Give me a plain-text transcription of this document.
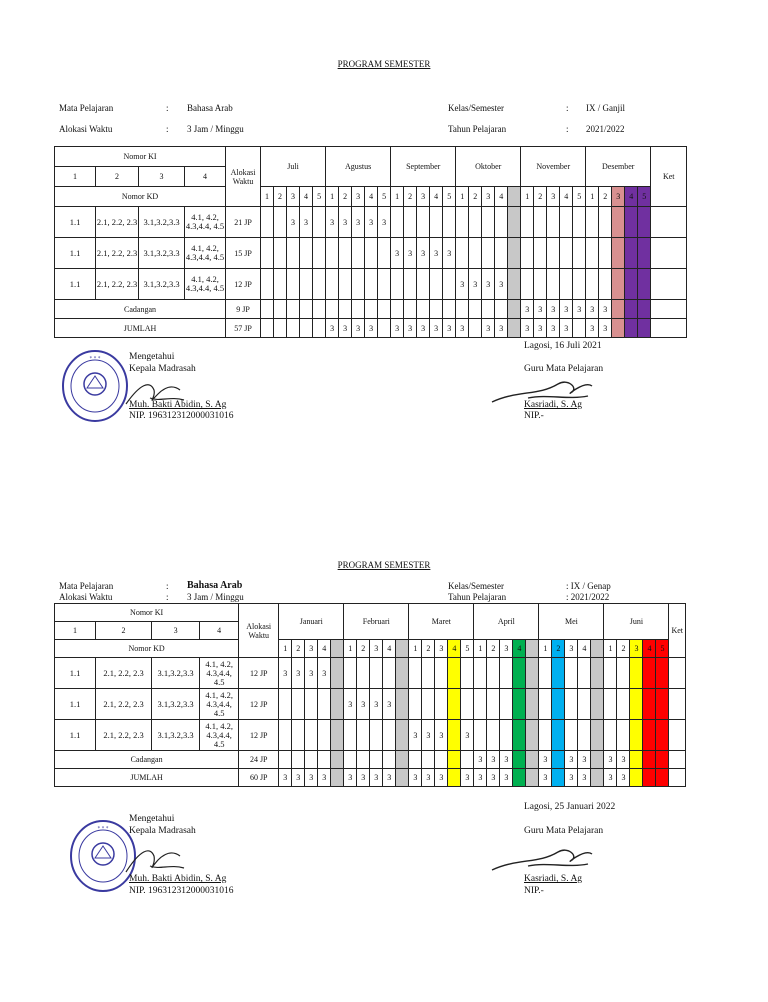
PROGRAM SEMESTER
Mata Pelajaran	: Bahasa Arab
Alokasi Waktu	: 3 Jam / Minggu
Kelas/Semester	: IX / Ganjil
Tahun Pelajaran	: 2021/2022
Nomor KI				Alokasi Waktu	Juli					Agustus					September					Oktober					November					Desember					Ket
1	2	3	4																																
Nomor KD					1	2	3	4	5	1	2	3	4	5	1	2	3	4	5	1	2	3	4		1	2	3	4	5	1	2	3	4	5	
1.1	2.1, 2.2, 2.3	3.1,3.2,3.3	4.1, 4.2, 4.3,4.4, 4.5	21 JP			3	3		3	3	3	3	3																					
1.1	2.1, 2.2, 2.3	3.1,3.2,3.3	4.1, 4.2, 4.3,4.4, 4.5	15 JP											3	3	3	3	3																
1.1	2.1, 2.2, 2.3	3.1,3.2,3.3	4.1, 4.2, 4.3,4.4, 4.5	12 JP																3	3	3	3												
Cadangan				9 JP																					3	3	3	3	3	3	3				
JUMLAH				57 JP						3	3	3	3		3	3	3	3	3	3		3	3		3	3	3	3		3	3				
* * *	Mengetahui
Kepala Madrasah
Muh. Bakti Abidin, S. Ag
NIP. 196312312000031016
Lagosi, 16 Juli 2021
Guru Mata Pelajaran
Kasriadi, S. Ag
NIP.-
PROGRAM SEMESTER
Mata Pelajaran	: Bahasa Arab
Alokasi Waktu	: 3 Jam / Minggu
Kelas/Semester	: IX / Genap
Tahun Pelajaran	: 2021/2022
Nomor KI				Alokasi Waktu	Januari					Februari					Maret					April					Mei					Juni					Ket
1	2	3	4																																
Nomor KD					1	2	3	4		1	2	3	4		1	2	3	4	5	1	2	3	4		1	2	3	4		1	2	3	4	5	
1.1	2.1, 2.2, 2.3	3.1,3.2,3.3	4.1, 4.2, 4.3,4.4, 4.5	12 JP	3	3	3	3																											
1.1	2.1, 2.2, 2.3	3.1,3.2,3.3	4.1, 4.2, 4.3,4.4, 4.5	12 JP						3	3	3	3																						
1.1	2.1, 2.2, 2.3	3.1,3.2,3.3	4.1, 4.2, 4.3,4.4, 4.5	12 JP											3	3	3		3																
Cadangan				24 JP																3	3	3			3		3	3		3	3				
JUMLAH				60 JP	3	3	3	3		3	3	3	3		3	3	3		3	3	3	3			3		3	3		3	3				
* * *
Mengetahui
Kepala Madrasah
Muh. Bakti Abidin, S. Ag
NIP. 196312312000031016
Lagosi, 25 Januari 2022
Guru Mata Pelajaran
Kasriadi, S. Ag
NIP.-
